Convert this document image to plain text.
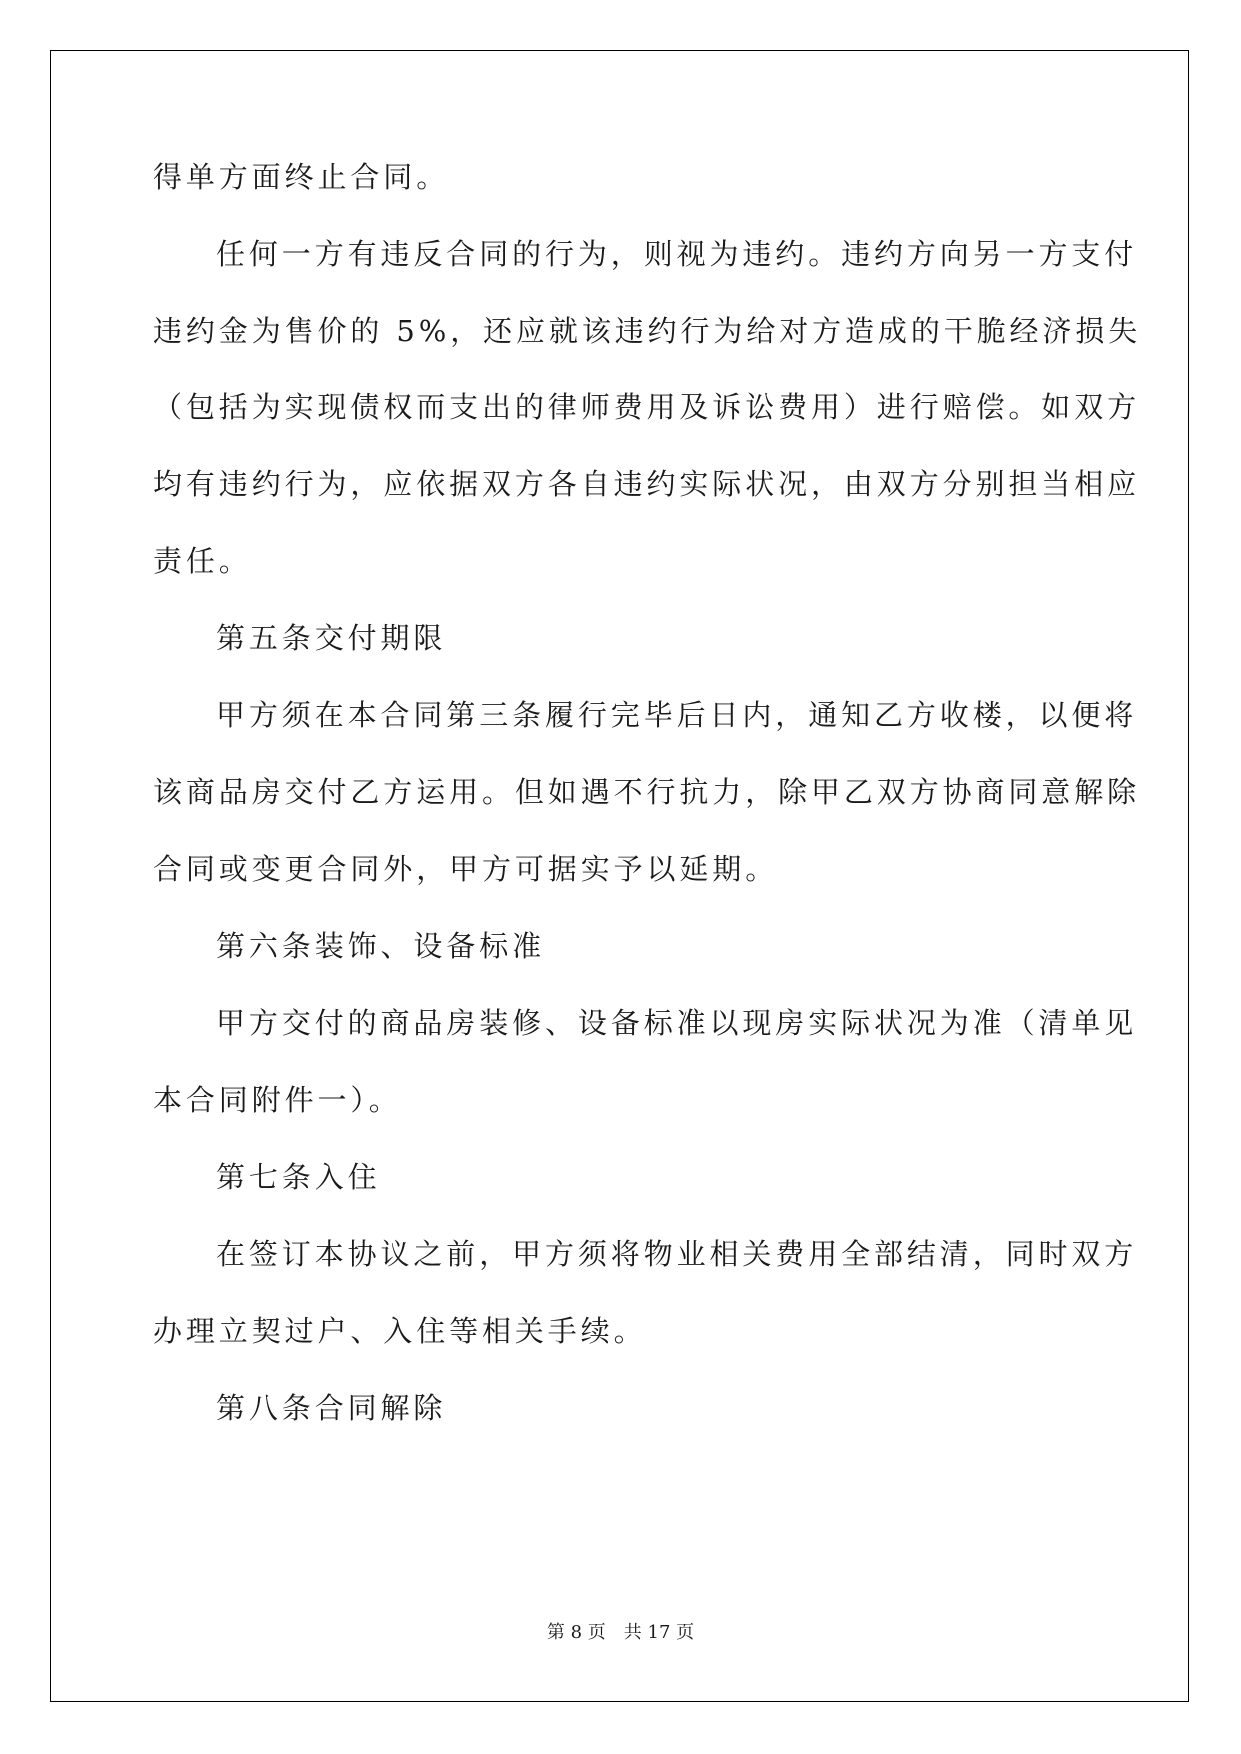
得单方面终止合同。
任何一方有违反合同的行为，则视为违约。违约方向另一方支付
违约金为售价的 5%，还应就该违约行为给对方造成的干脆经济损失
（包括为实现债权而支出的律师费用及诉讼费用）进行赔偿。如双方
均有违约行为，应依据双方各自违约实际状况，由双方分别担当相应
责任。
第五条交付期限
甲方须在本合同第三条履行完毕后日内，通知乙方收楼，以便将
该商品房交付乙方运用。但如遇不行抗力，除甲乙双方协商同意解除
合同或变更合同外，甲方可据实予以延期。
第六条装饰、设备标准
甲方交付的商品房装修、设备标准以现房实际状况为准（清单见
本合同附件一）。
第七条入住
在签订本协议之前，甲方须将物业相关费用全部结清，同时双方
办理立契过户、入住等相关手续。
第八条合同解除
第 8 页 共 17 页
